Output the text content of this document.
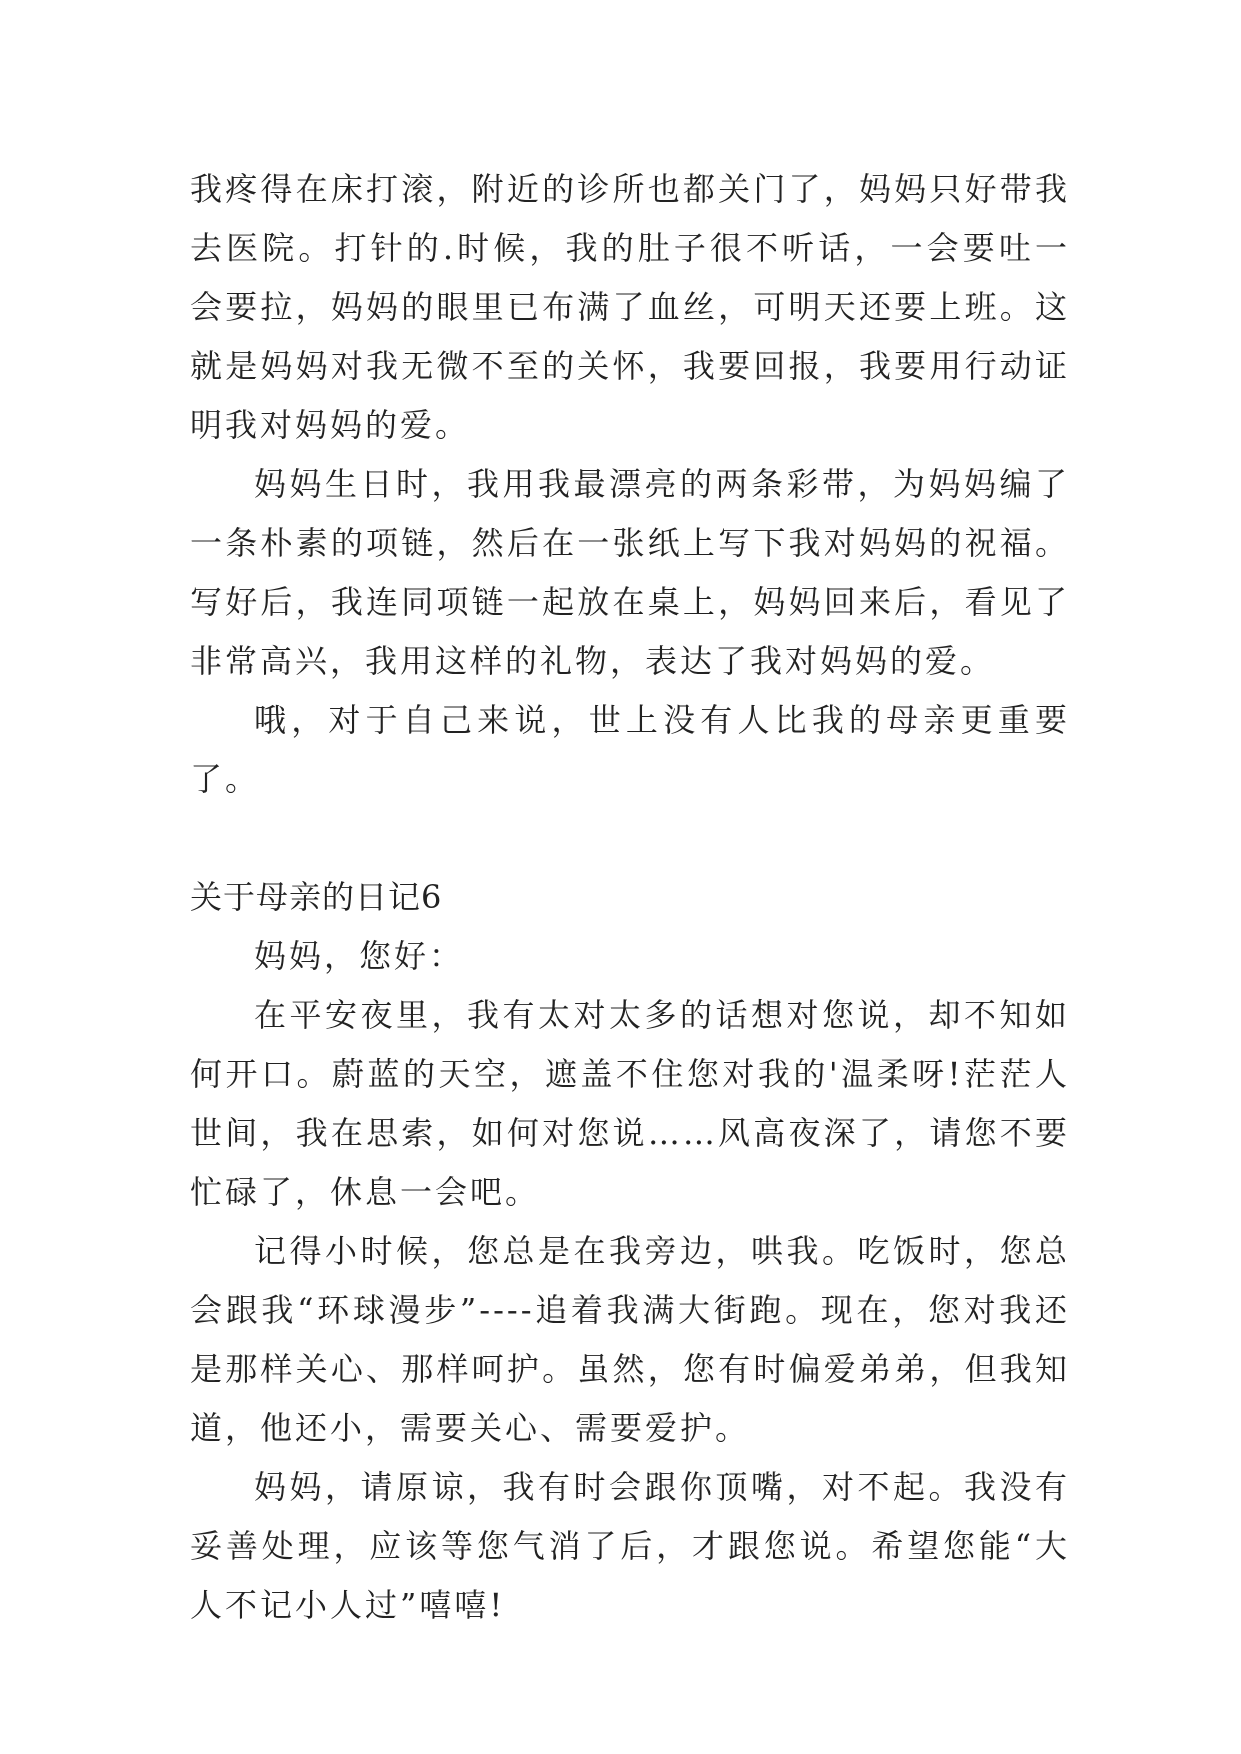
我疼得在床打滚，附近的诊所也都关门了，妈妈只好带我去医院。打针的.时候，我的肚子很不听话，一会要吐一会要拉，妈妈的眼里已布满了血丝，可明天还要上班。这就是妈妈对我无微不至的关怀，我要回报，我要用行动证明我对妈妈的爱。

妈妈生日时，我用我最漂亮的两条彩带，为妈妈编了一条朴素的项链，然后在一张纸上写下我对妈妈的祝福。写好后，我连同项链一起放在桌上，妈妈回来后，看见了非常高兴，我用这样的礼物，表达了我对妈妈的爱。

哦，对于自己来说，世上没有人比我的母亲更重要了。

关于母亲的日记6

妈妈，您好：

在平安夜里，我有太对太多的话想对您说，却不知如何开口。蔚蓝的天空，遮盖不住您对我的'温柔呀!茫茫人世间，我在思索，如何对您说……风高夜深了，请您不要忙碌了，休息一会吧。

记得小时候，您总是在我旁边，哄我。吃饭时，您总会跟我“环球漫步”----追着我满大街跑。现在，您对我还是那样关心、那样呵护。虽然，您有时偏爱弟弟，但我知道，他还小，需要关心、需要爱护。

妈妈，请原谅，我有时会跟你顶嘴，对不起。我没有妥善处理，应该等您气消了后，才跟您说。希望您能“大人不记小人过”嘻嘻!
